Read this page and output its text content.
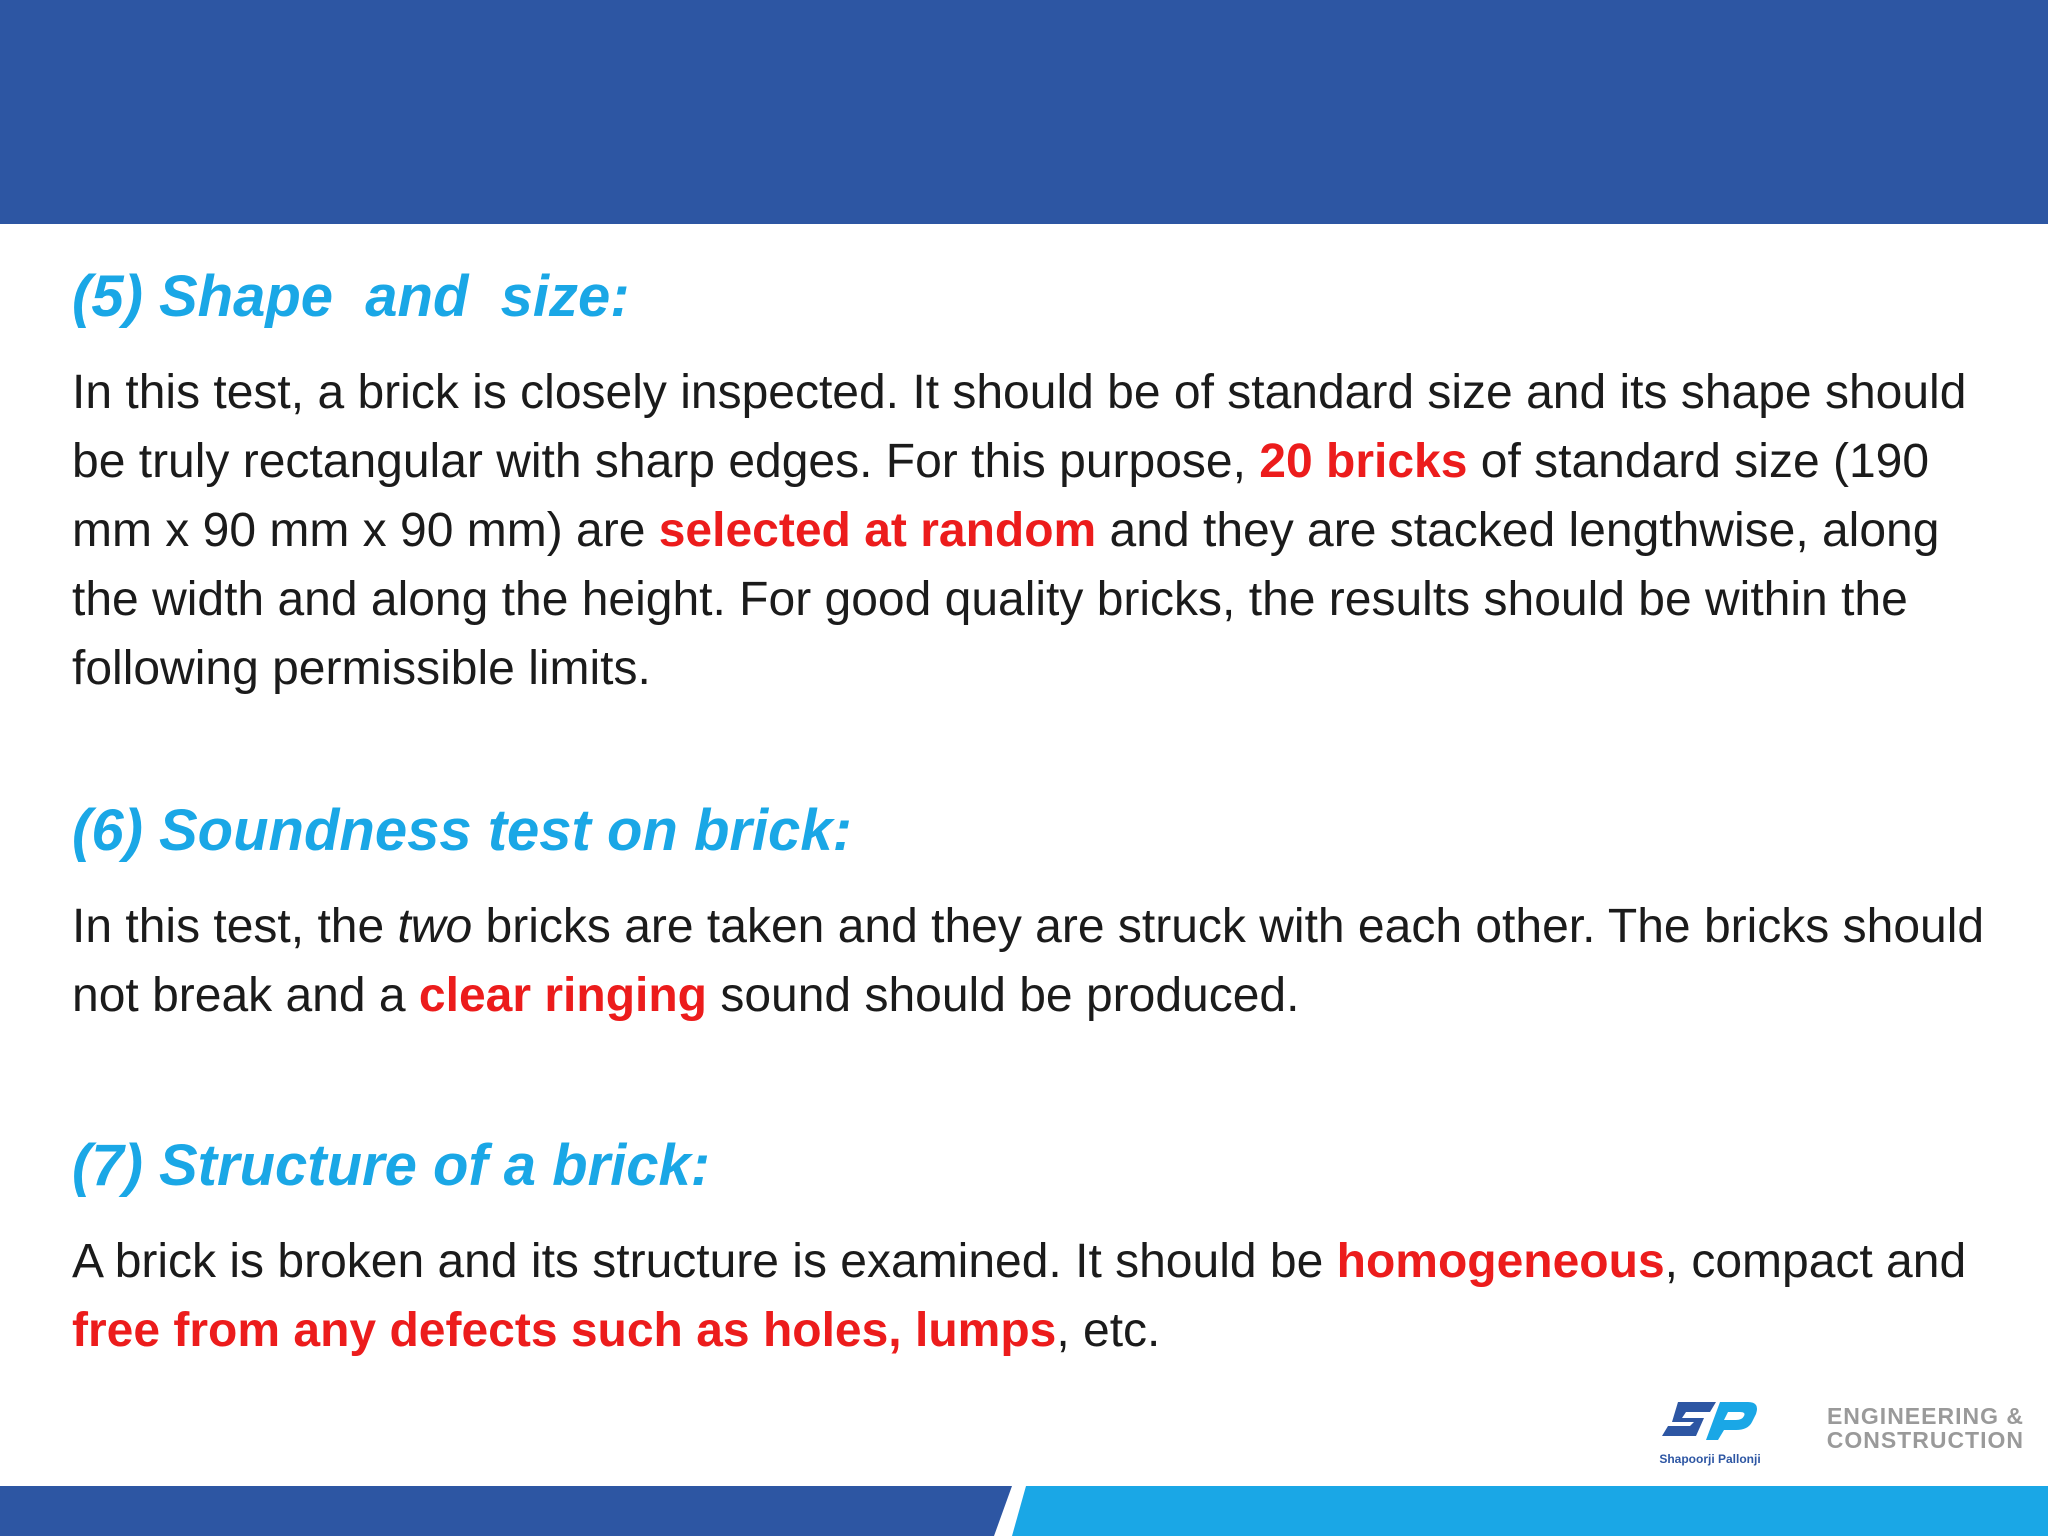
(5) Shape  and  size:

In this test, a brick is closely inspected. It should be of standard size and its shape should be truly rectangular with sharp edges. For this purpose, 20 bricks of standard size (190 mm x 90 mm x 90 mm) are selected at random and they are stacked lengthwise, along the width and along the height. For good quality bricks, the results should be within the following permissible limits.

(6) Soundness test on brick:

In this test, the two bricks are taken and they are struck with each other. The bricks should not break and a clear ringing sound should be produced.

(7) Structure of a brick:

A brick is broken and its structure is examined. It should be homogeneous, compact and free from any defects such as holes, lumps, etc.

Shapoorji Pallonji
ENGINEERING &
CONSTRUCTION
